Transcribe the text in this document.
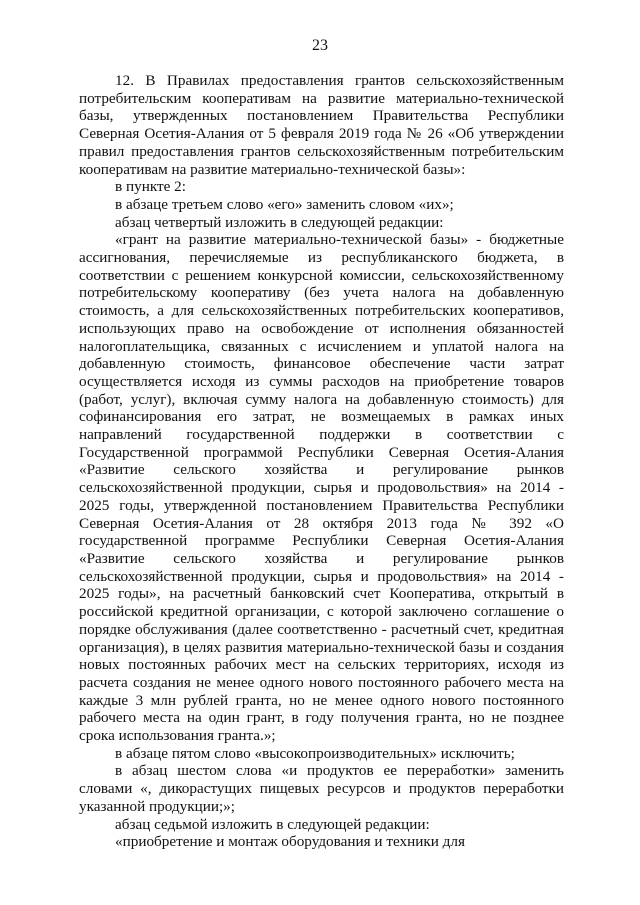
23

12. В Правилах предоставления грантов сельскохозяйственным потребительским кооперативам на развитие материально-технической базы, утвержденных постановлением Правительства Республики Северная Осетия-Алания от 5 февраля 2019 года № 26 «Об утверждении правил предоставления грантов сельскохозяйственным потребительским кооперативам на развитие материально-технической базы»:

в пункте 2:

в абзаце третьем слово «его» заменить словом «их»;

абзац четвертый изложить в следующей редакции:

«грант на развитие материально-технической базы» - бюджетные ассигнования, перечисляемые из республиканского бюджета, в соответствии с решением конкурсной комиссии, сельскохозяйственному потребительскому кооперативу (без учета налога на добавленную стоимость, а для сельскохозяйственных потребительских кооперативов, использующих право на освобождение от исполнения обязанностей налогоплательщика, связанных с исчислением и уплатой налога на добавленную стоимость, финансовое обеспечение части затрат осуществляется исходя из суммы расходов на приобретение товаров (работ, услуг), включая сумму налога на добавленную стоимость) для софинансирования его затрат, не возмещаемых в рамках иных направлений государственной поддержки в соответствии с Государственной программой Республики Северная Осетия-Алания «Развитие сельского хозяйства и регулирование рынков сельскохозяйственной продукции, сырья и продовольствия» на 2014 - 2025 годы, утвержденной постановлением Правительства Республики Северная Осетия-Алания от 28 октября 2013 года № 392 «О государственной программе Республики Северная Осетия-Алания «Развитие сельского хозяйства и регулирование рынков сельскохозяйственной продукции, сырья и продовольствия» на 2014 - 2025 годы», на расчетный банковский счет Кооператива, открытый в российской кредитной организации, с которой заключено соглашение о порядке обслуживания (далее соответственно - расчетный счет, кредитная организация), в целях развития материально-технической базы и создания новых постоянных рабочих мест на сельских территориях, исходя из расчета создания не менее одного нового постоянного рабочего места на каждые 3 млн рублей гранта, но не менее одного нового постоянного рабочего места на один грант, в году получения гранта, но не позднее срока использования гранта.»;

в абзаце пятом слово «высокопроизводительных» исключить;

в абзац шестом слова «и продуктов ее переработки» заменить словами «, дикорастущих пищевых ресурсов и продуктов переработки указанной продукции;»;

абзац седьмой изложить в следующей редакции:

«приобретение и монтаж оборудования и техники для
